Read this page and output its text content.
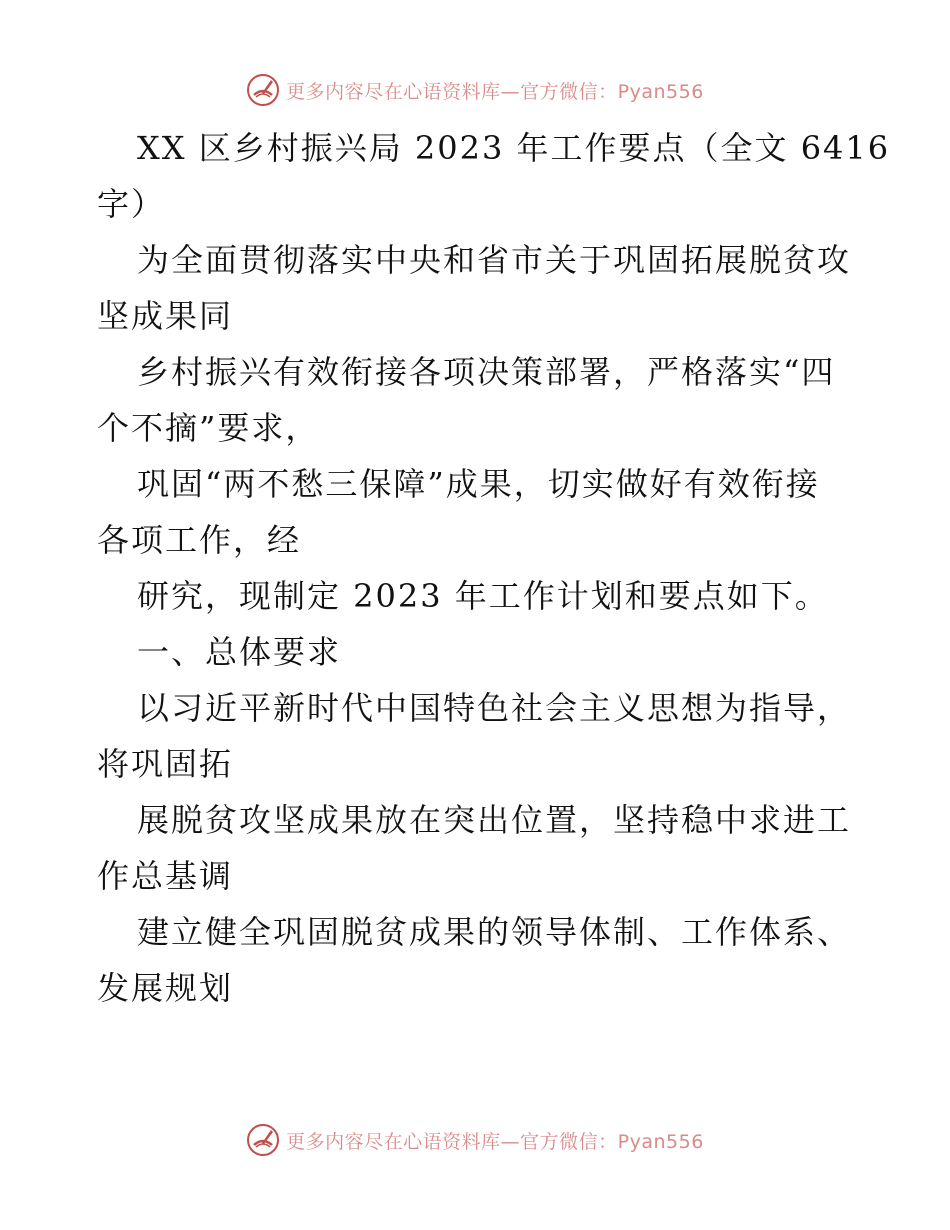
更多内容尽在心语资料库—官方微信：Pyan556
XX 区乡村振兴局 2023 年工作要点（全文 6416
字）
为全面贯彻落实中央和省市关于巩固拓展脱贫攻
坚成果同
乡村振兴有效衔接各项决策部署，严格落实“四
个不摘”要求，
巩固“两不愁三保障”成果，切实做好有效衔接
各项工作，经
研究，现制定 2023 年工作计划和要点如下。
一、总体要求
以习近平新时代中国特色社会主义思想为指导，
将巩固拓
展脱贫攻坚成果放在突出位置，坚持稳中求进工
作总基调
建立健全巩固脱贫成果的领导体制、工作体系、
发展规划
更多内容尽在心语资料库—官方微信：Pyan556
